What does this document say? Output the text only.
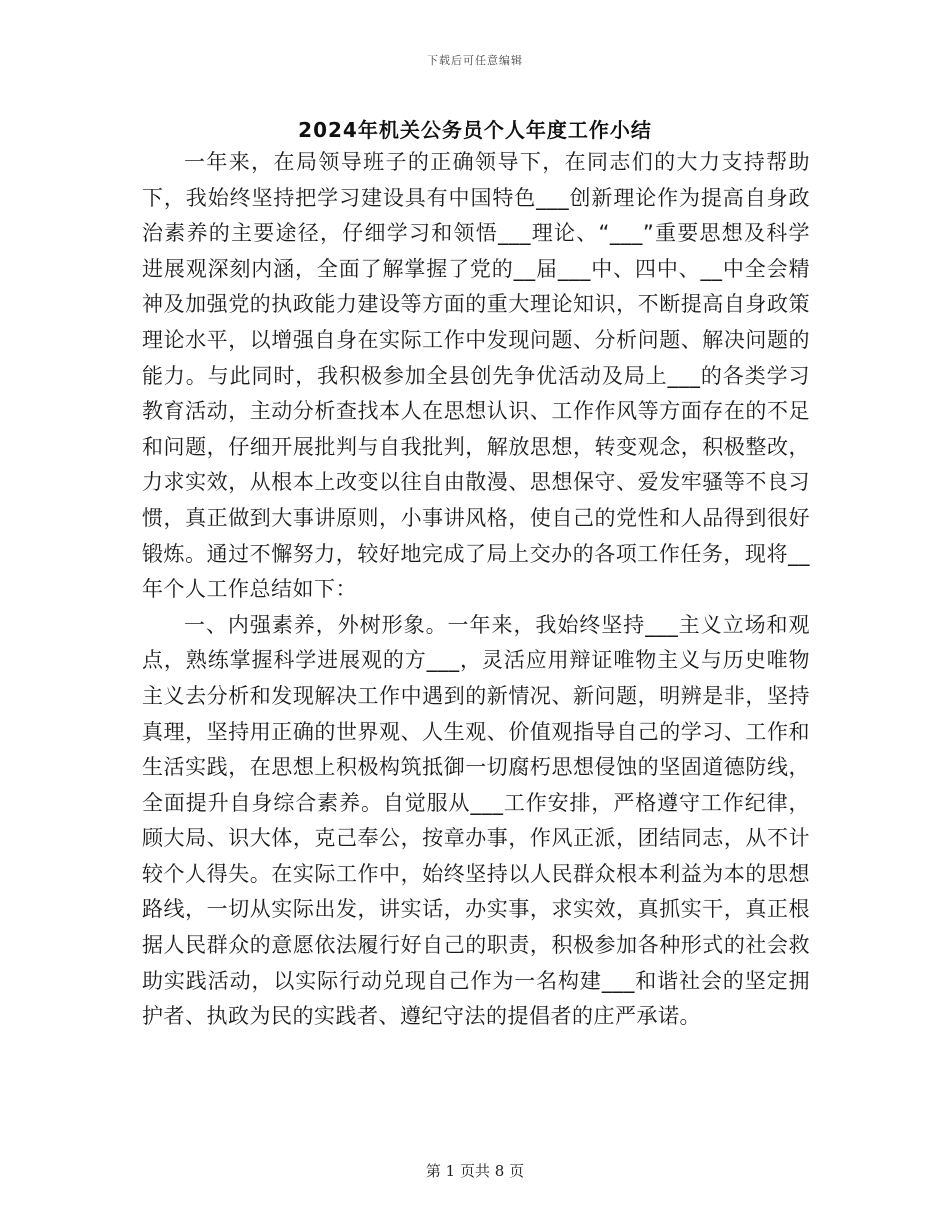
下载后可任意编辑
2024年机关公务员个人年度工作小结

一年来，在局领导班子的正确领导下，在同志们的大力支持帮助下，我始终坚持把学习建设具有中国特色___创新理论作为提高自身政治素养的主要途径，仔细学习和领悟___理论、“___”重要思想及科学进展观深刻内涵，全面了解掌握了党的__届___中、四中、__中全会精神及加强党的执政能力建设等方面的重大理论知识，不断提高自身政策理论水平，以增强自身在实际工作中发现问题、分析问题、解决问题的能力。与此同时，我积极参加全县创先争优活动及局上___的各类学习教育活动，主动分析查找本人在思想认识、工作作风等方面存在的不足和问题，仔细开展批判与自我批判，解放思想，转变观念，积极整改，力求实效，从根本上改变以往自由散漫、思想保守、爱发牢骚等不良习惯，真正做到大事讲原则，小事讲风格，使自己的党性和人品得到很好锻炼。通过不懈努力，较好地完成了局上交办的各项工作任务，现将__年个人工作总结如下：

一、内强素养，外树形象。一年来，我始终坚持___主义立场和观点，熟练掌握科学进展观的方___，灵活应用辩证唯物主义与历史唯物主义去分析和发现解决工作中遇到的新情况、新问题，明辨是非，坚持真理，坚持用正确的世界观、人生观、价值观指导自己的学习、工作和生活实践，在思想上积极构筑抵御一切腐朽思想侵蚀的坚固道德防线，全面提升自身综合素养。自觉服从___工作安排，严格遵守工作纪律，顾大局、识大体，克己奉公，按章办事，作风正派，团结同志，从不计较个人得失。在实际工作中，始终坚持以人民群众根本利益为本的思想路线，一切从实际出发，讲实话，办实事，求实效，真抓实干，真正根据人民群众的意愿依法履行好自己的职责，积极参加各种形式的社会救助实践活动，以实际行动兑现自己作为一名构建___和谐社会的坚定拥护者、执政为民的实践者、遵纪守法的提倡者的庄严承诺。

第 1 页共 8 页
